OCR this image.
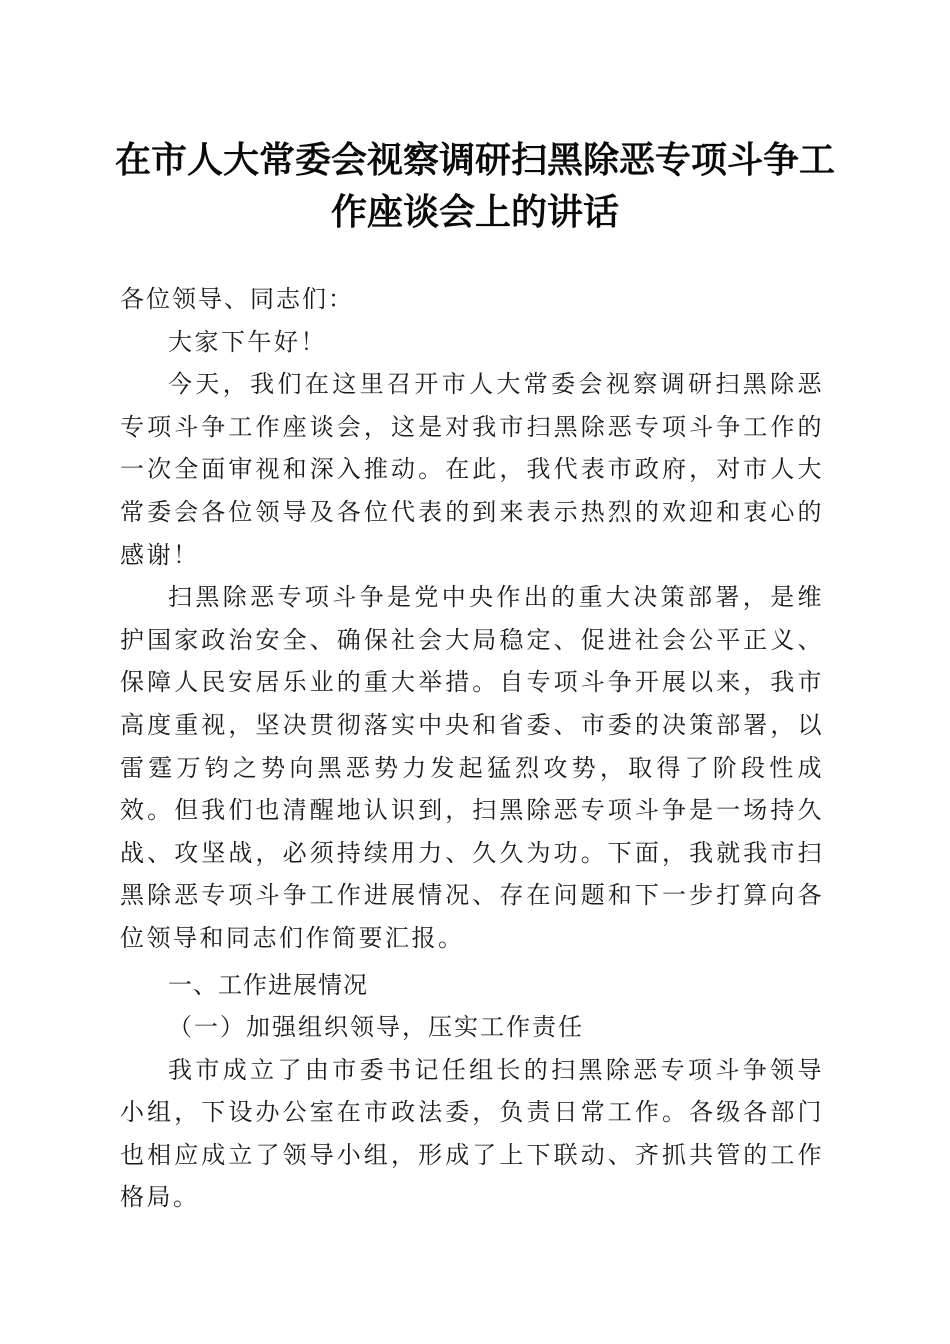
在市人大常委会视察调研扫黑除恶专项斗争工作座谈会上的讲话

各位领导、同志们：

大家下午好！

今天，我们在这里召开市人大常委会视察调研扫黑除恶专项斗争工作座谈会，这是对我市扫黑除恶专项斗争工作的一次全面审视和深入推动。在此，我代表市政府，对市人大常委会各位领导及各位代表的到来表示热烈的欢迎和衷心的感谢！

扫黑除恶专项斗争是党中央作出的重大决策部署，是维护国家政治安全、确保社会大局稳定、促进社会公平正义、保障人民安居乐业的重大举措。自专项斗争开展以来，我市高度重视，坚决贯彻落实中央和省委、市委的决策部署，以雷霆万钧之势向黑恶势力发起猛烈攻势，取得了阶段性成效。但我们也清醒地认识到，扫黑除恶专项斗争是一场持久战、攻坚战，必须持续用力、久久为功。下面，我就我市扫黑除恶专项斗争工作进展情况、存在问题和下一步打算向各位领导和同志们作简要汇报。

一、工作进展情况

（一）加强组织领导，压实工作责任

我市成立了由市委书记任组长的扫黑除恶专项斗争领导小组，下设办公室在市政法委，负责日常工作。各级各部门也相应成立了领导小组，形成了上下联动、齐抓共管的工作格局。
